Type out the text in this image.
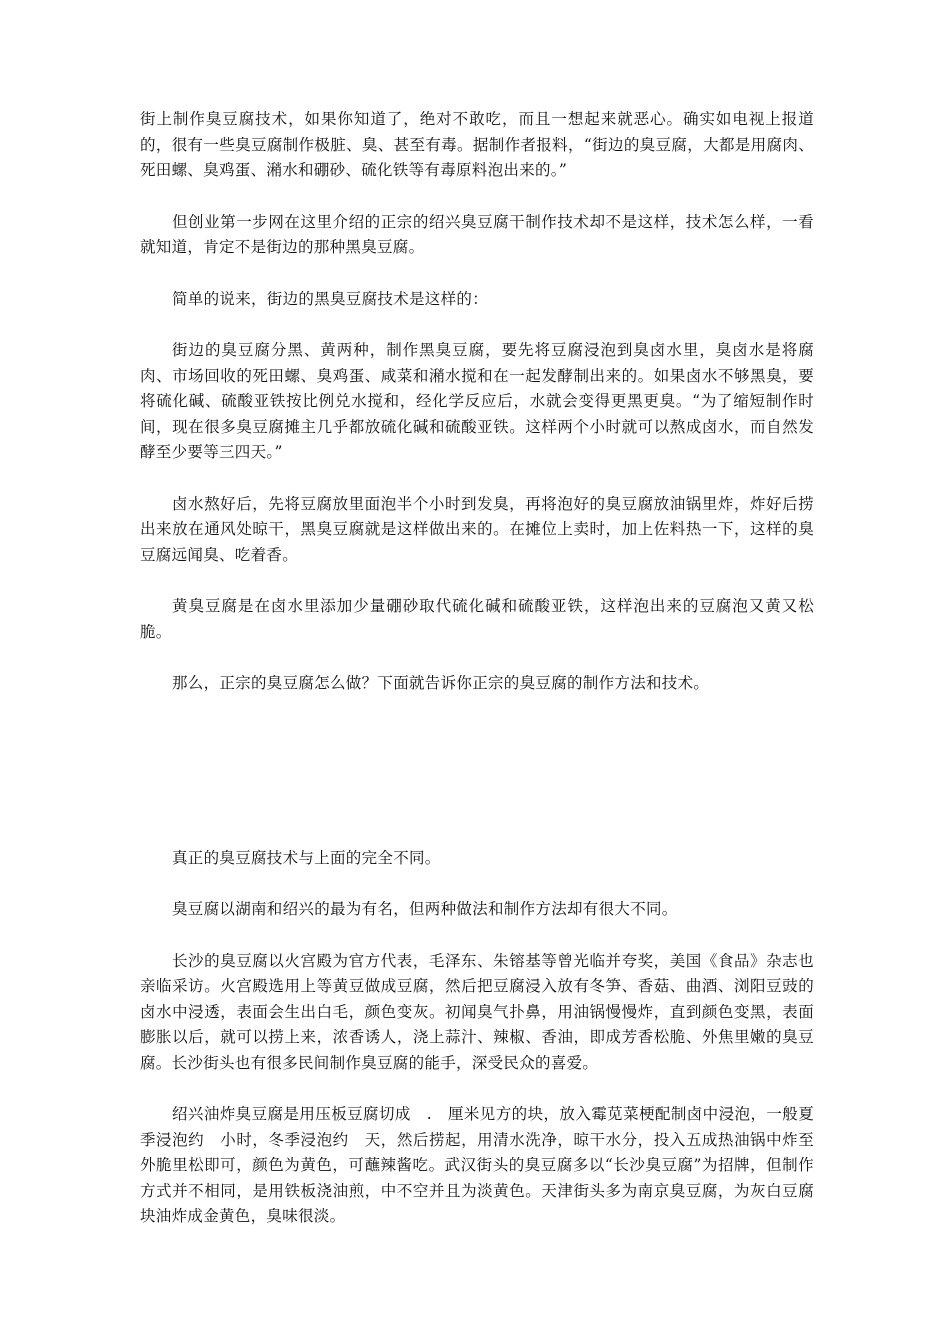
街上制作臭豆腐技术，如果你知道了，绝对不敢吃，而且一想起来就恶心。确实如电视上报道的，很有一些臭豆腐制作极脏、臭、甚至有毒。据制作者报料，“街边的臭豆腐，大都是用腐肉、死田螺、臭鸡蛋、潲水和硼砂、硫化铁等有毒原料泡出来的。”

但创业第一步网在这里介绍的正宗的绍兴臭豆腐干制作技术却不是这样，技术怎么样，一看就知道，肯定不是街边的那种黑臭豆腐。

简单的说来，街边的黑臭豆腐技术是这样的：

街边的臭豆腐分黑、黄两种，制作黑臭豆腐，要先将豆腐浸泡到臭卤水里，臭卤水是将腐肉、市场回收的死田螺、臭鸡蛋、咸菜和潲水搅和在一起发酵制出来的。如果卤水不够黑臭，要将硫化碱、硫酸亚铁按比例兑水搅和，经化学反应后，水就会变得更黑更臭。“为了缩短制作时间，现在很多臭豆腐摊主几乎都放硫化碱和硫酸亚铁。这样两个小时就可以熬成卤水，而自然发酵至少要等三四天。”

卤水熬好后，先将豆腐放里面泡半个小时到发臭，再将泡好的臭豆腐放油锅里炸，炸好后捞出来放在通风处晾干，黑臭豆腐就是这样做出来的。在摊位上卖时，加上佐料热一下，这样的臭豆腐远闻臭、吃着香。

黄臭豆腐是在卤水里添加少量硼砂取代硫化碱和硫酸亚铁，这样泡出来的豆腐泡又黄又松脆。

那么，正宗的臭豆腐怎么做？下面就告诉你正宗的臭豆腐的制作方法和技术。

真正的臭豆腐技术与上面的完全不同。

臭豆腐以湖南和绍兴的最为有名，但两种做法和制作方法却有很大不同。

长沙的臭豆腐以火宫殿为官方代表，毛泽东、朱镕基等曾光临并夸奖，美国《食品》杂志也亲临采访。火宫殿选用上等黄豆做成豆腐，然后把豆腐浸入放有冬笋、香菇、曲酒、浏阳豆豉的卤水中浸透，表面会生出白毛，颜色变灰。初闻臭气扑鼻，用油锅慢慢炸，直到颜色变黑，表面膨胀以后，就可以捞上来，浓香诱人，浇上蒜汁、辣椒、香油，即成芳香松脆、外焦里嫩的臭豆腐。长沙街头也有很多民间制作臭豆腐的能手，深受民众的喜爱。

绍兴油炸臭豆腐是用压板豆腐切成　.　厘米见方的块，放入霉苋菜梗配制卤中浸泡，一般夏季浸泡约　小时，冬季浸泡约　天，然后捞起，用清水洗净，晾干水分，投入五成热油锅中炸至外脆里松即可，颜色为黄色，可蘸辣酱吃。武汉街头的臭豆腐多以“长沙臭豆腐”为招牌，但制作方式并不相同，是用铁板浇油煎，中不空并且为淡黄色。天津街头多为南京臭豆腐，为灰白豆腐块油炸成金黄色，臭味很淡。
